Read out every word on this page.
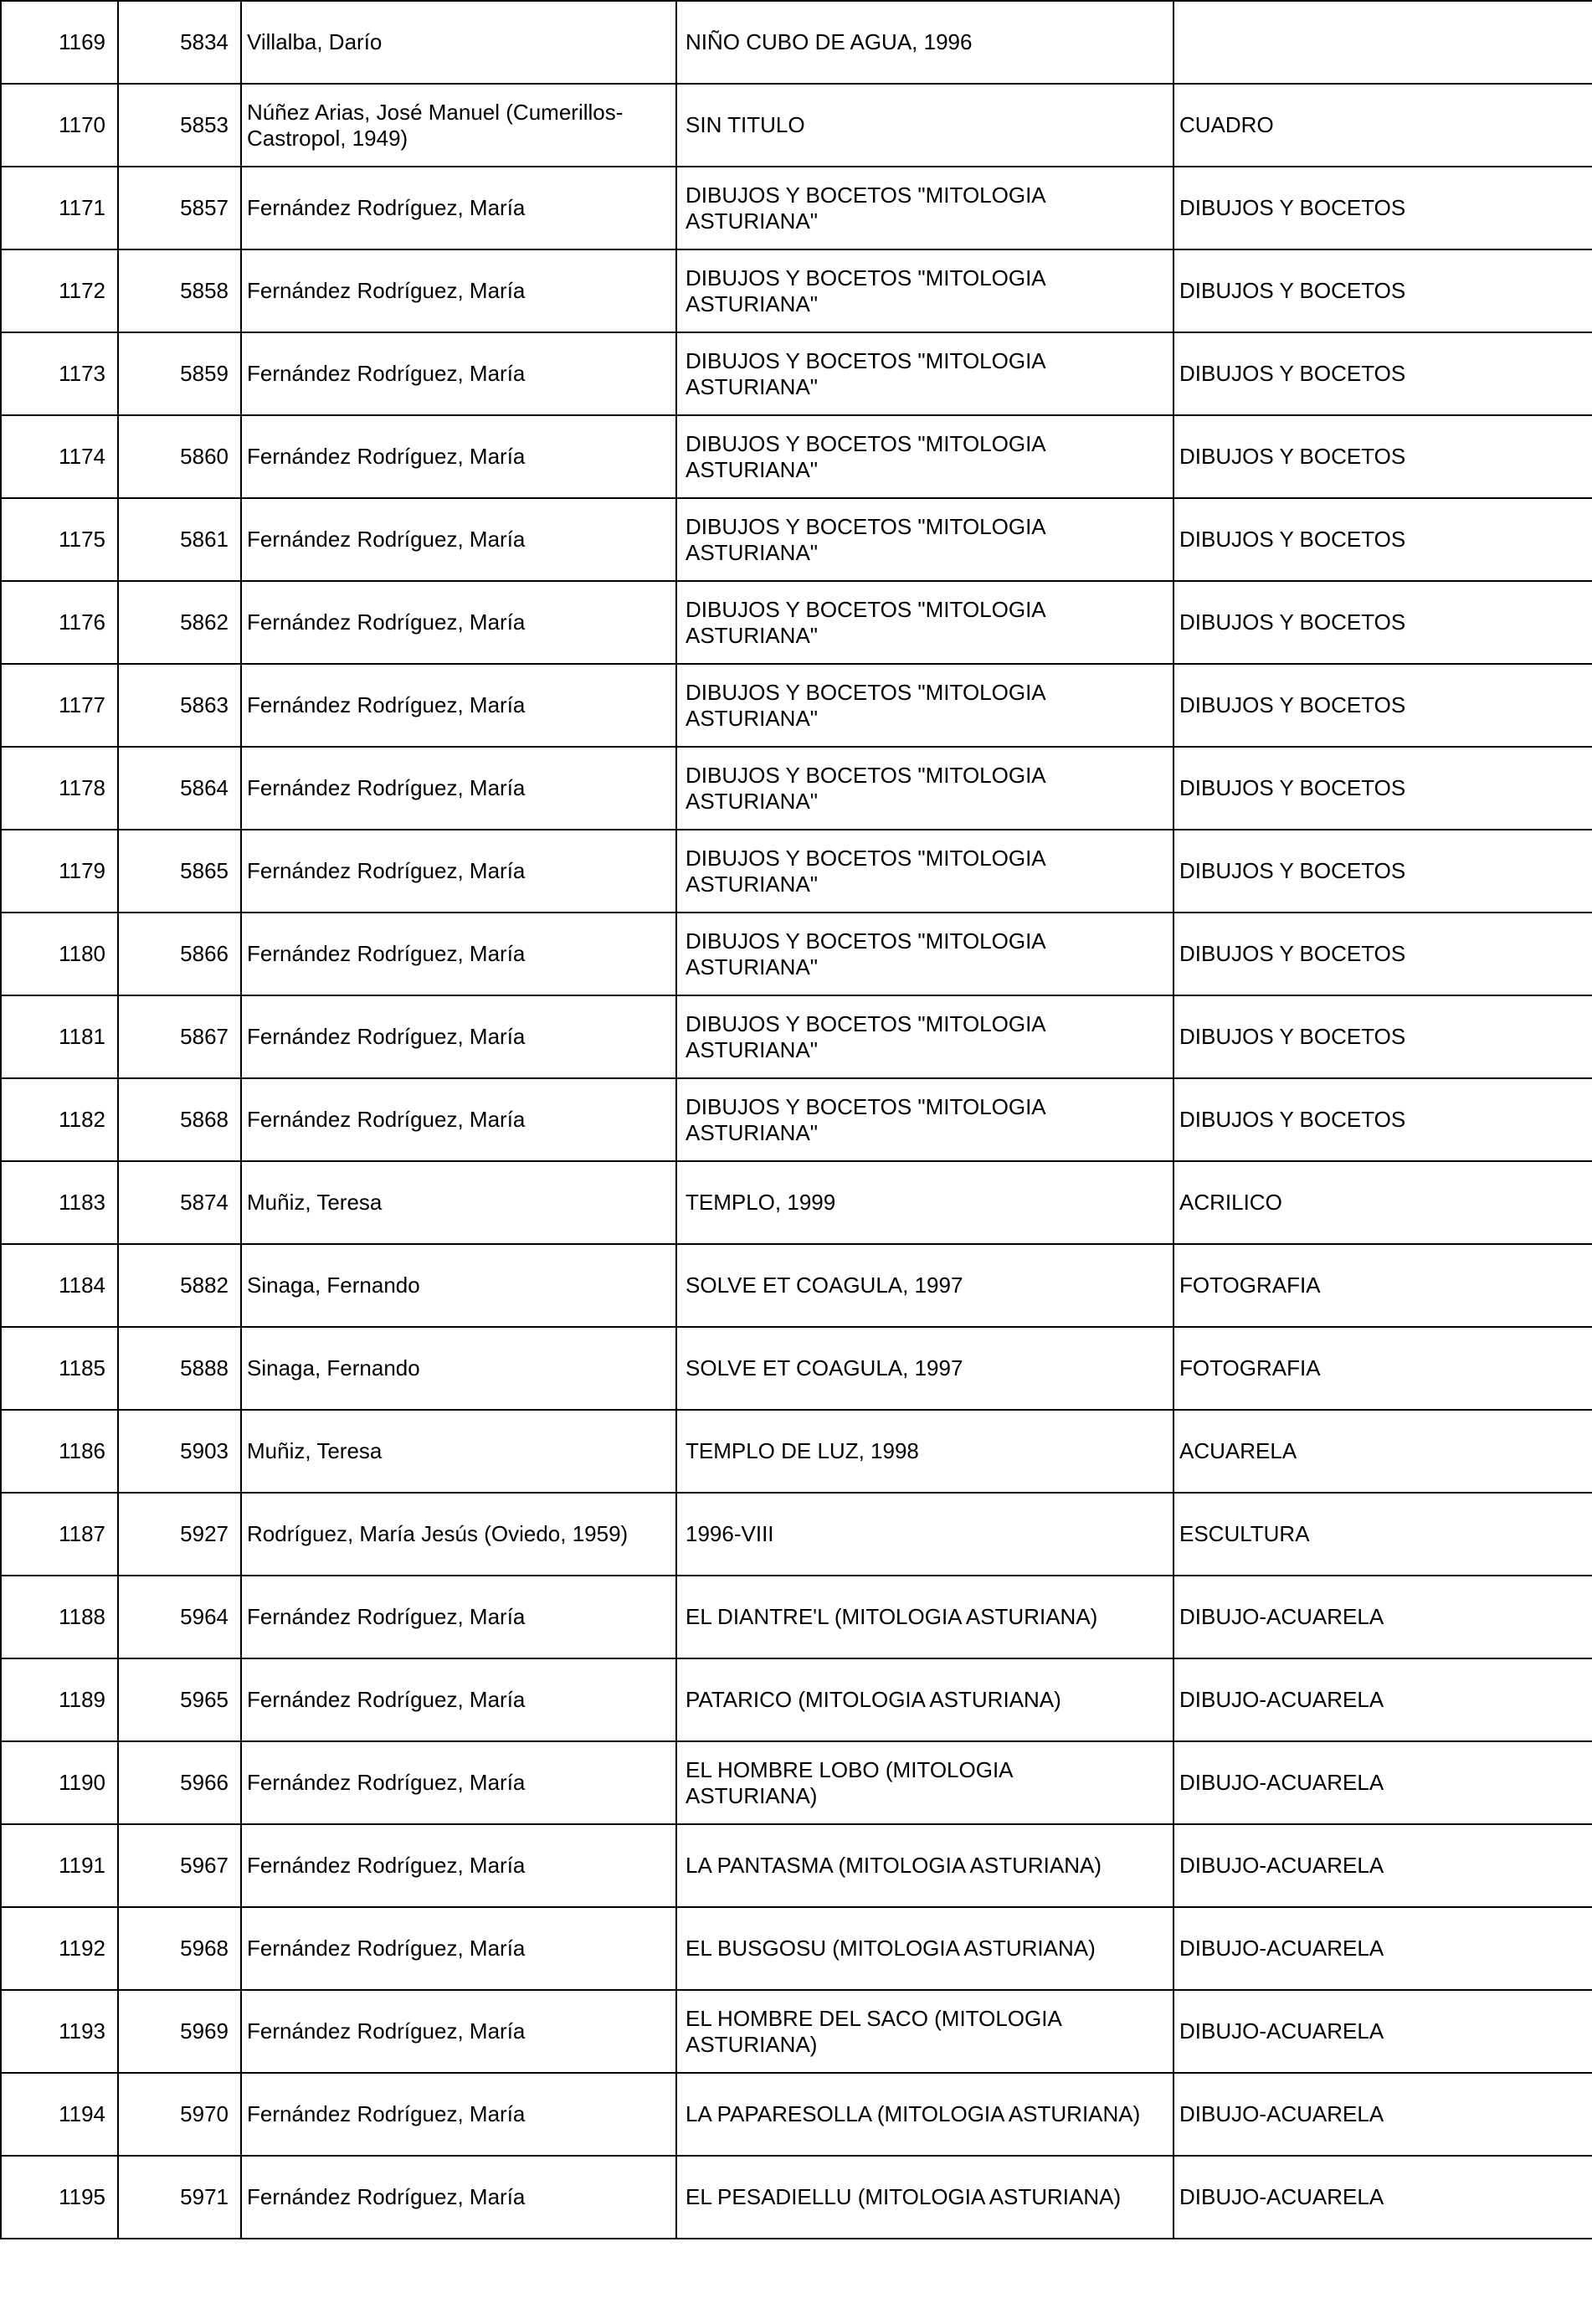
1169	5834	Villalba, Darío	NIÑO CUBO DE AGUA, 1996	
1170	5853	Núñez Arias, José Manuel (Cumerillos-Castropol, 1949)	SIN TITULO	CUADRO
1171	5857	Fernández Rodríguez, María	DIBUJOS Y BOCETOS "MITOLOGIA ASTURIANA"	DIBUJOS Y BOCETOS
1172	5858	Fernández Rodríguez, María	DIBUJOS Y BOCETOS "MITOLOGIA ASTURIANA"	DIBUJOS Y BOCETOS
1173	5859	Fernández Rodríguez, María	DIBUJOS Y BOCETOS "MITOLOGIA ASTURIANA"	DIBUJOS Y BOCETOS
1174	5860	Fernández Rodríguez, María	DIBUJOS Y BOCETOS "MITOLOGIA ASTURIANA"	DIBUJOS Y BOCETOS
1175	5861	Fernández Rodríguez, María	DIBUJOS Y BOCETOS "MITOLOGIA ASTURIANA"	DIBUJOS Y BOCETOS
1176	5862	Fernández Rodríguez, María	DIBUJOS Y BOCETOS "MITOLOGIA ASTURIANA"	DIBUJOS Y BOCETOS
1177	5863	Fernández Rodríguez, María	DIBUJOS Y BOCETOS "MITOLOGIA ASTURIANA"	DIBUJOS Y BOCETOS
1178	5864	Fernández Rodríguez, María	DIBUJOS Y BOCETOS "MITOLOGIA ASTURIANA"	DIBUJOS Y BOCETOS
1179	5865	Fernández Rodríguez, María	DIBUJOS Y BOCETOS "MITOLOGIA ASTURIANA"	DIBUJOS Y BOCETOS
1180	5866	Fernández Rodríguez, María	DIBUJOS Y BOCETOS "MITOLOGIA ASTURIANA"	DIBUJOS Y BOCETOS
1181	5867	Fernández Rodríguez, María	DIBUJOS Y BOCETOS "MITOLOGIA ASTURIANA"	DIBUJOS Y BOCETOS
1182	5868	Fernández Rodríguez, María	DIBUJOS Y BOCETOS "MITOLOGIA ASTURIANA"	DIBUJOS Y BOCETOS
1183	5874	Muñiz, Teresa	TEMPLO, 1999	ACRILICO
1184	5882	Sinaga, Fernando	SOLVE ET COAGULA, 1997	FOTOGRAFIA
1185	5888	Sinaga, Fernando	SOLVE ET COAGULA, 1997	FOTOGRAFIA
1186	5903	Muñiz, Teresa	TEMPLO DE LUZ, 1998	ACUARELA
1187	5927	Rodríguez, María Jesús (Oviedo, 1959)	1996-VIII	ESCULTURA
1188	5964	Fernández Rodríguez, María	EL DIANTRE'L (MITOLOGIA ASTURIANA)	DIBUJO-ACUARELA
1189	5965	Fernández Rodríguez, María	PATARICO (MITOLOGIA ASTURIANA)	DIBUJO-ACUARELA
1190	5966	Fernández Rodríguez, María	EL HOMBRE LOBO (MITOLOGIA ASTURIANA)	DIBUJO-ACUARELA
1191	5967	Fernández Rodríguez, María	LA PANTASMA (MITOLOGIA ASTURIANA)	DIBUJO-ACUARELA
1192	5968	Fernández Rodríguez, María	EL BUSGOSU (MITOLOGIA ASTURIANA)	DIBUJO-ACUARELA
1193	5969	Fernández Rodríguez, María	EL HOMBRE DEL SACO (MITOLOGIA ASTURIANA)	DIBUJO-ACUARELA
1194	5970	Fernández Rodríguez, María	LA PAPARESOLLA (MITOLOGIA ASTURIANA)	DIBUJO-ACUARELA
1195	5971	Fernández Rodríguez, María	EL PESADIELLU (MITOLOGIA ASTURIANA)	DIBUJO-ACUARELA
